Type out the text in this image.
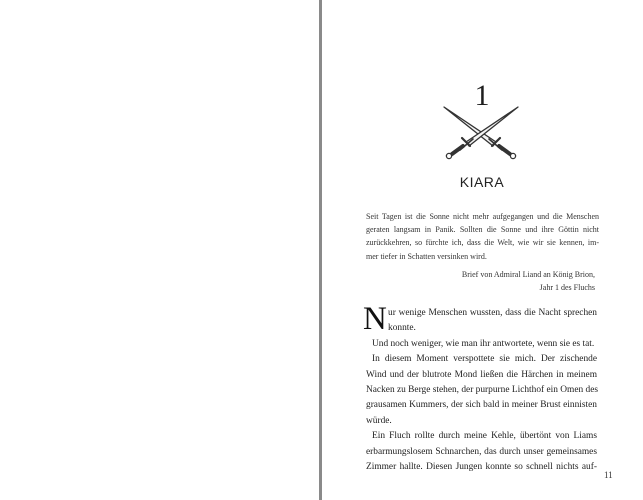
1
KIARA
Seit Tagen ist die Sonne nicht mehr aufgegangen und die Menschen
geraten langsam in Panik. Sollten die Sonne und ihre Göttin nicht
zurückkehren, so fürchte ich, dass die Welt, wie wir sie kennen, im-
mer tiefer in Schatten versinken wird.
Brief von Admiral Liand an König Brion,
Jahr 1 des Fluchs
N ur wenige Menschen wussten, dass die Nacht sprechen
konnte.
Und noch weniger, wie man ihr antwortete, wenn sie es tat.
In diesem Moment verspottete sie mich. Der zischende
Wind und der blutrote Mond ließen die Härchen in meinem
Nacken zu Berge stehen, der purpurne Lichthof ein Omen des
grausamen Kummers, der sich bald in meiner Brust einnisten
würde.
Ein Fluch rollte durch meine Kehle, übertönt von Liams
erbarmungslosem Schnarchen, das durch unser gemeinsames
Zimmer hallte. Diesen Jungen konnte so schnell nichts auf-
11
